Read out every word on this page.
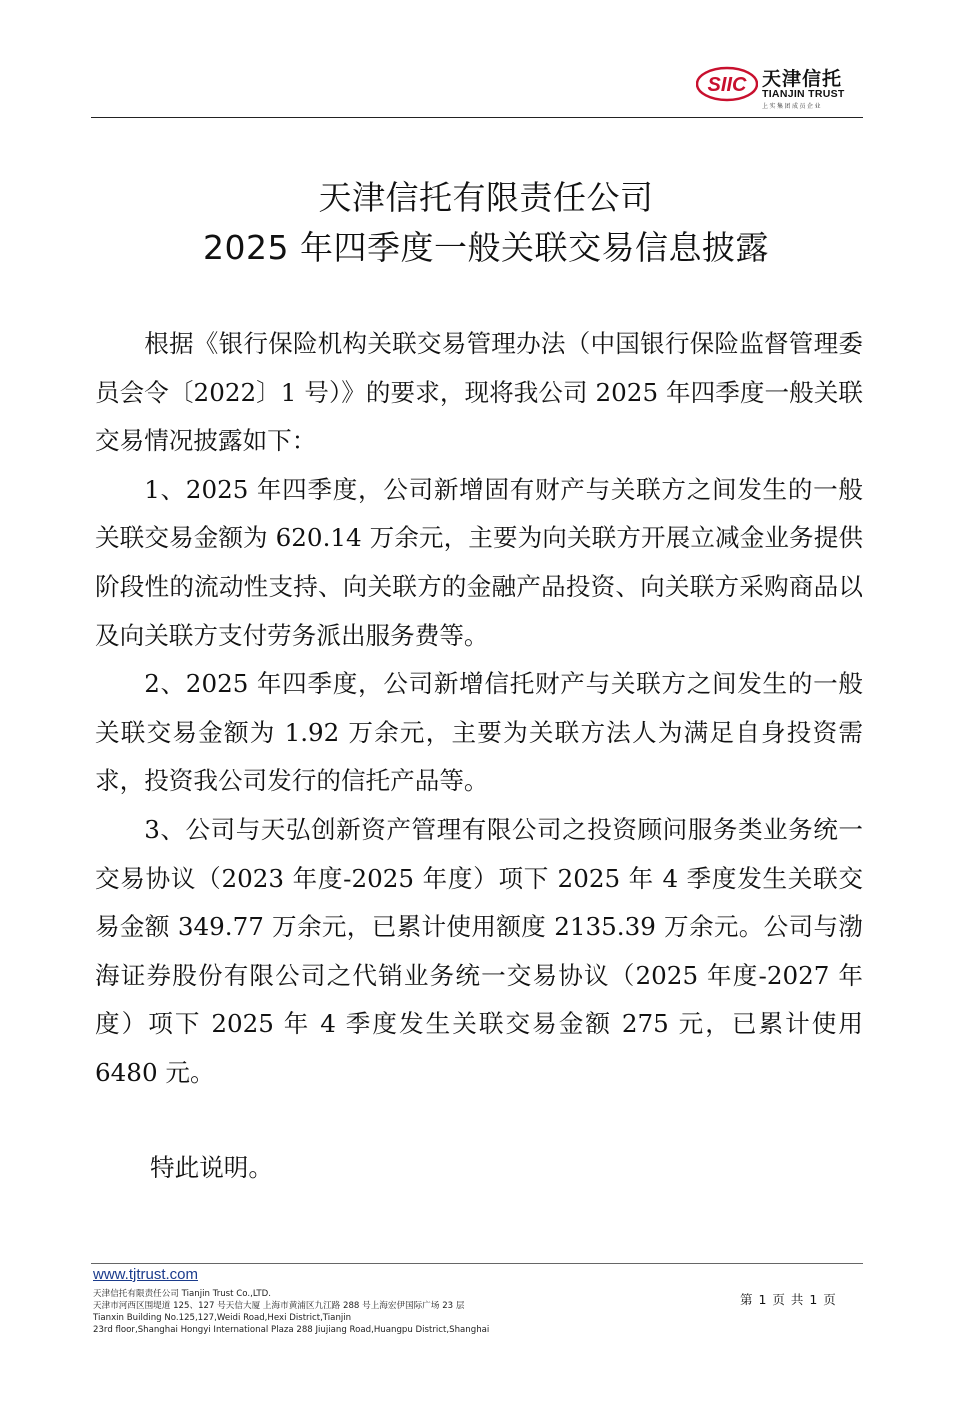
SIIC 天津信托
TIANJIN TRUST
上实集团成员企业
天津信托有限责任公司
2025 年四季度一般关联交易信息披露

根据《银行保险机构关联交易管理办法（中国银行保险监督管理委员会令〔2022〕1 号）》的要求，现将我公司 2025 年四季度一般关联交易情况披露如下：

1、2025 年四季度，公司新增固有财产与关联方之间发生的一般关联交易金额为 620.14 万余元，主要为向关联方开展立减金业务提供阶段性的流动性支持、向关联方的金融产品投资、向关联方采购商品以及向关联方支付劳务派出服务费等。

2、2025 年四季度，公司新增信托财产与关联方之间发生的一般关联交易金额为 1.92 万余元，主要为关联方法人为满足自身投资需求，投资我公司发行的信托产品等。

3、公司与天弘创新资产管理有限公司之投资顾问服务类业务统一交易协议（2023 年度-2025 年度）项下 2025 年 4 季度发生关联交易金额 349.77 万余元，已累计使用额度 2135.39 万余元。公司与渤海证券股份有限公司之代销业务统一交易协议（2025 年度-2027 年度）项下 2025 年 4 季度发生关联交易金额 275 元，已累计使用 6480 元。

特此说明。
www.tjtrust.com
天津信托有限责任公司 Tianjin Trust Co.,LTD.
天津市河西区围堤道 125、127 号天信大厦 上海市黄浦区九江路 288 号上海宏伊国际广场 23 层
Tianxin Building No.125,127,Weidi Road,Hexi District,Tianjin
23rd floor,Shanghai Hongyi International Plaza 288 Jiujiang Road,Huangpu District,Shanghai
第 1 页 共 1 页
